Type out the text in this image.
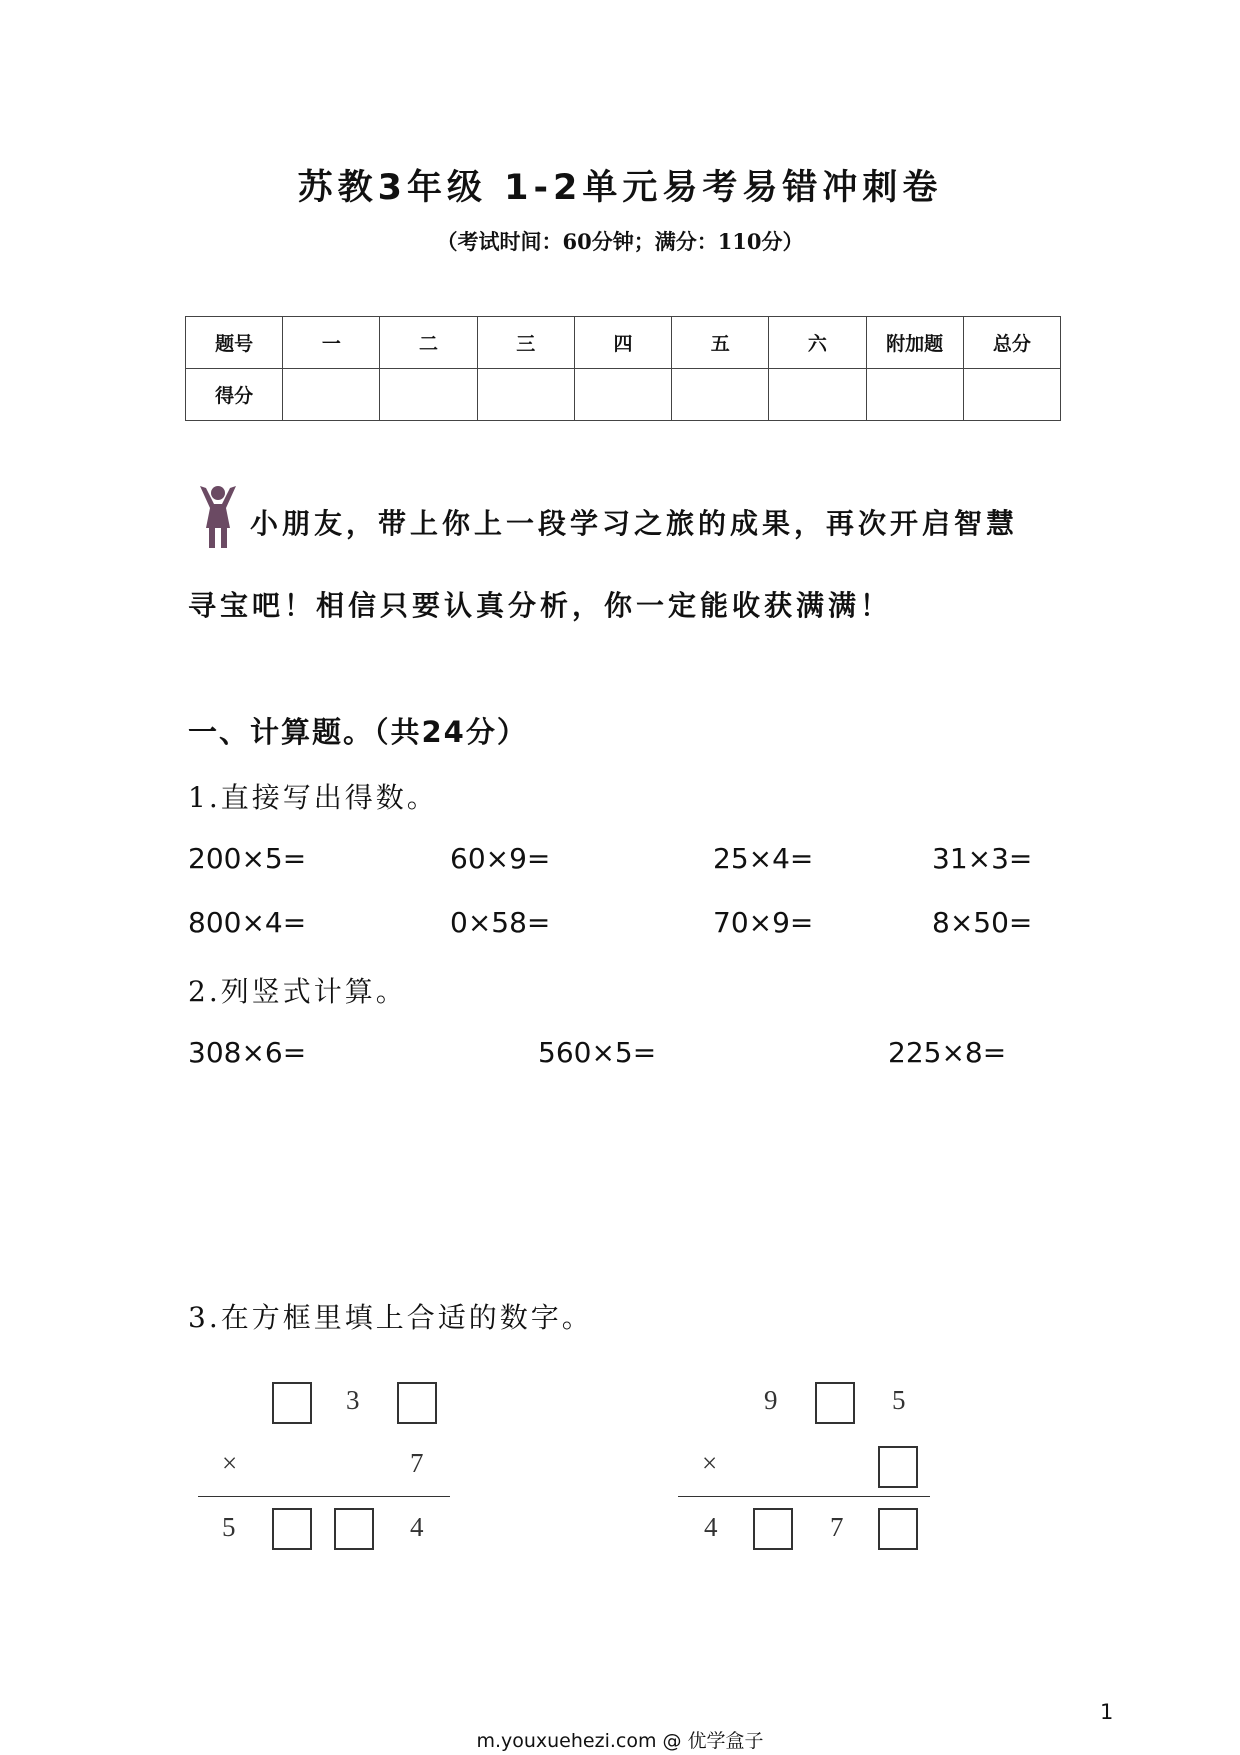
苏教3年级 1-2单元易考易错冲刺卷
（考试时间：60分钟；满分：110分）
题号	一	二	三	四	五	六	附加题	总分
得分								
小朋友，带上你上一段学习之旅的成果，再次开启智慧
寻宝吧！相信只要认真分析，你一定能收获满满！
一、计算题。（共24分）
1.直接写出得数。
200×5=	60×9=	25×4=	31×3=
800×4=	0×58=	70×9=	8×50=
2.列竖式计算。
308×6=	560×5=	225×8=
3.在方框里填上合适的数字。
3
×	7
5	4
9	5
×
4	7
1
m.youxuehezi.com @ 优学盒子
